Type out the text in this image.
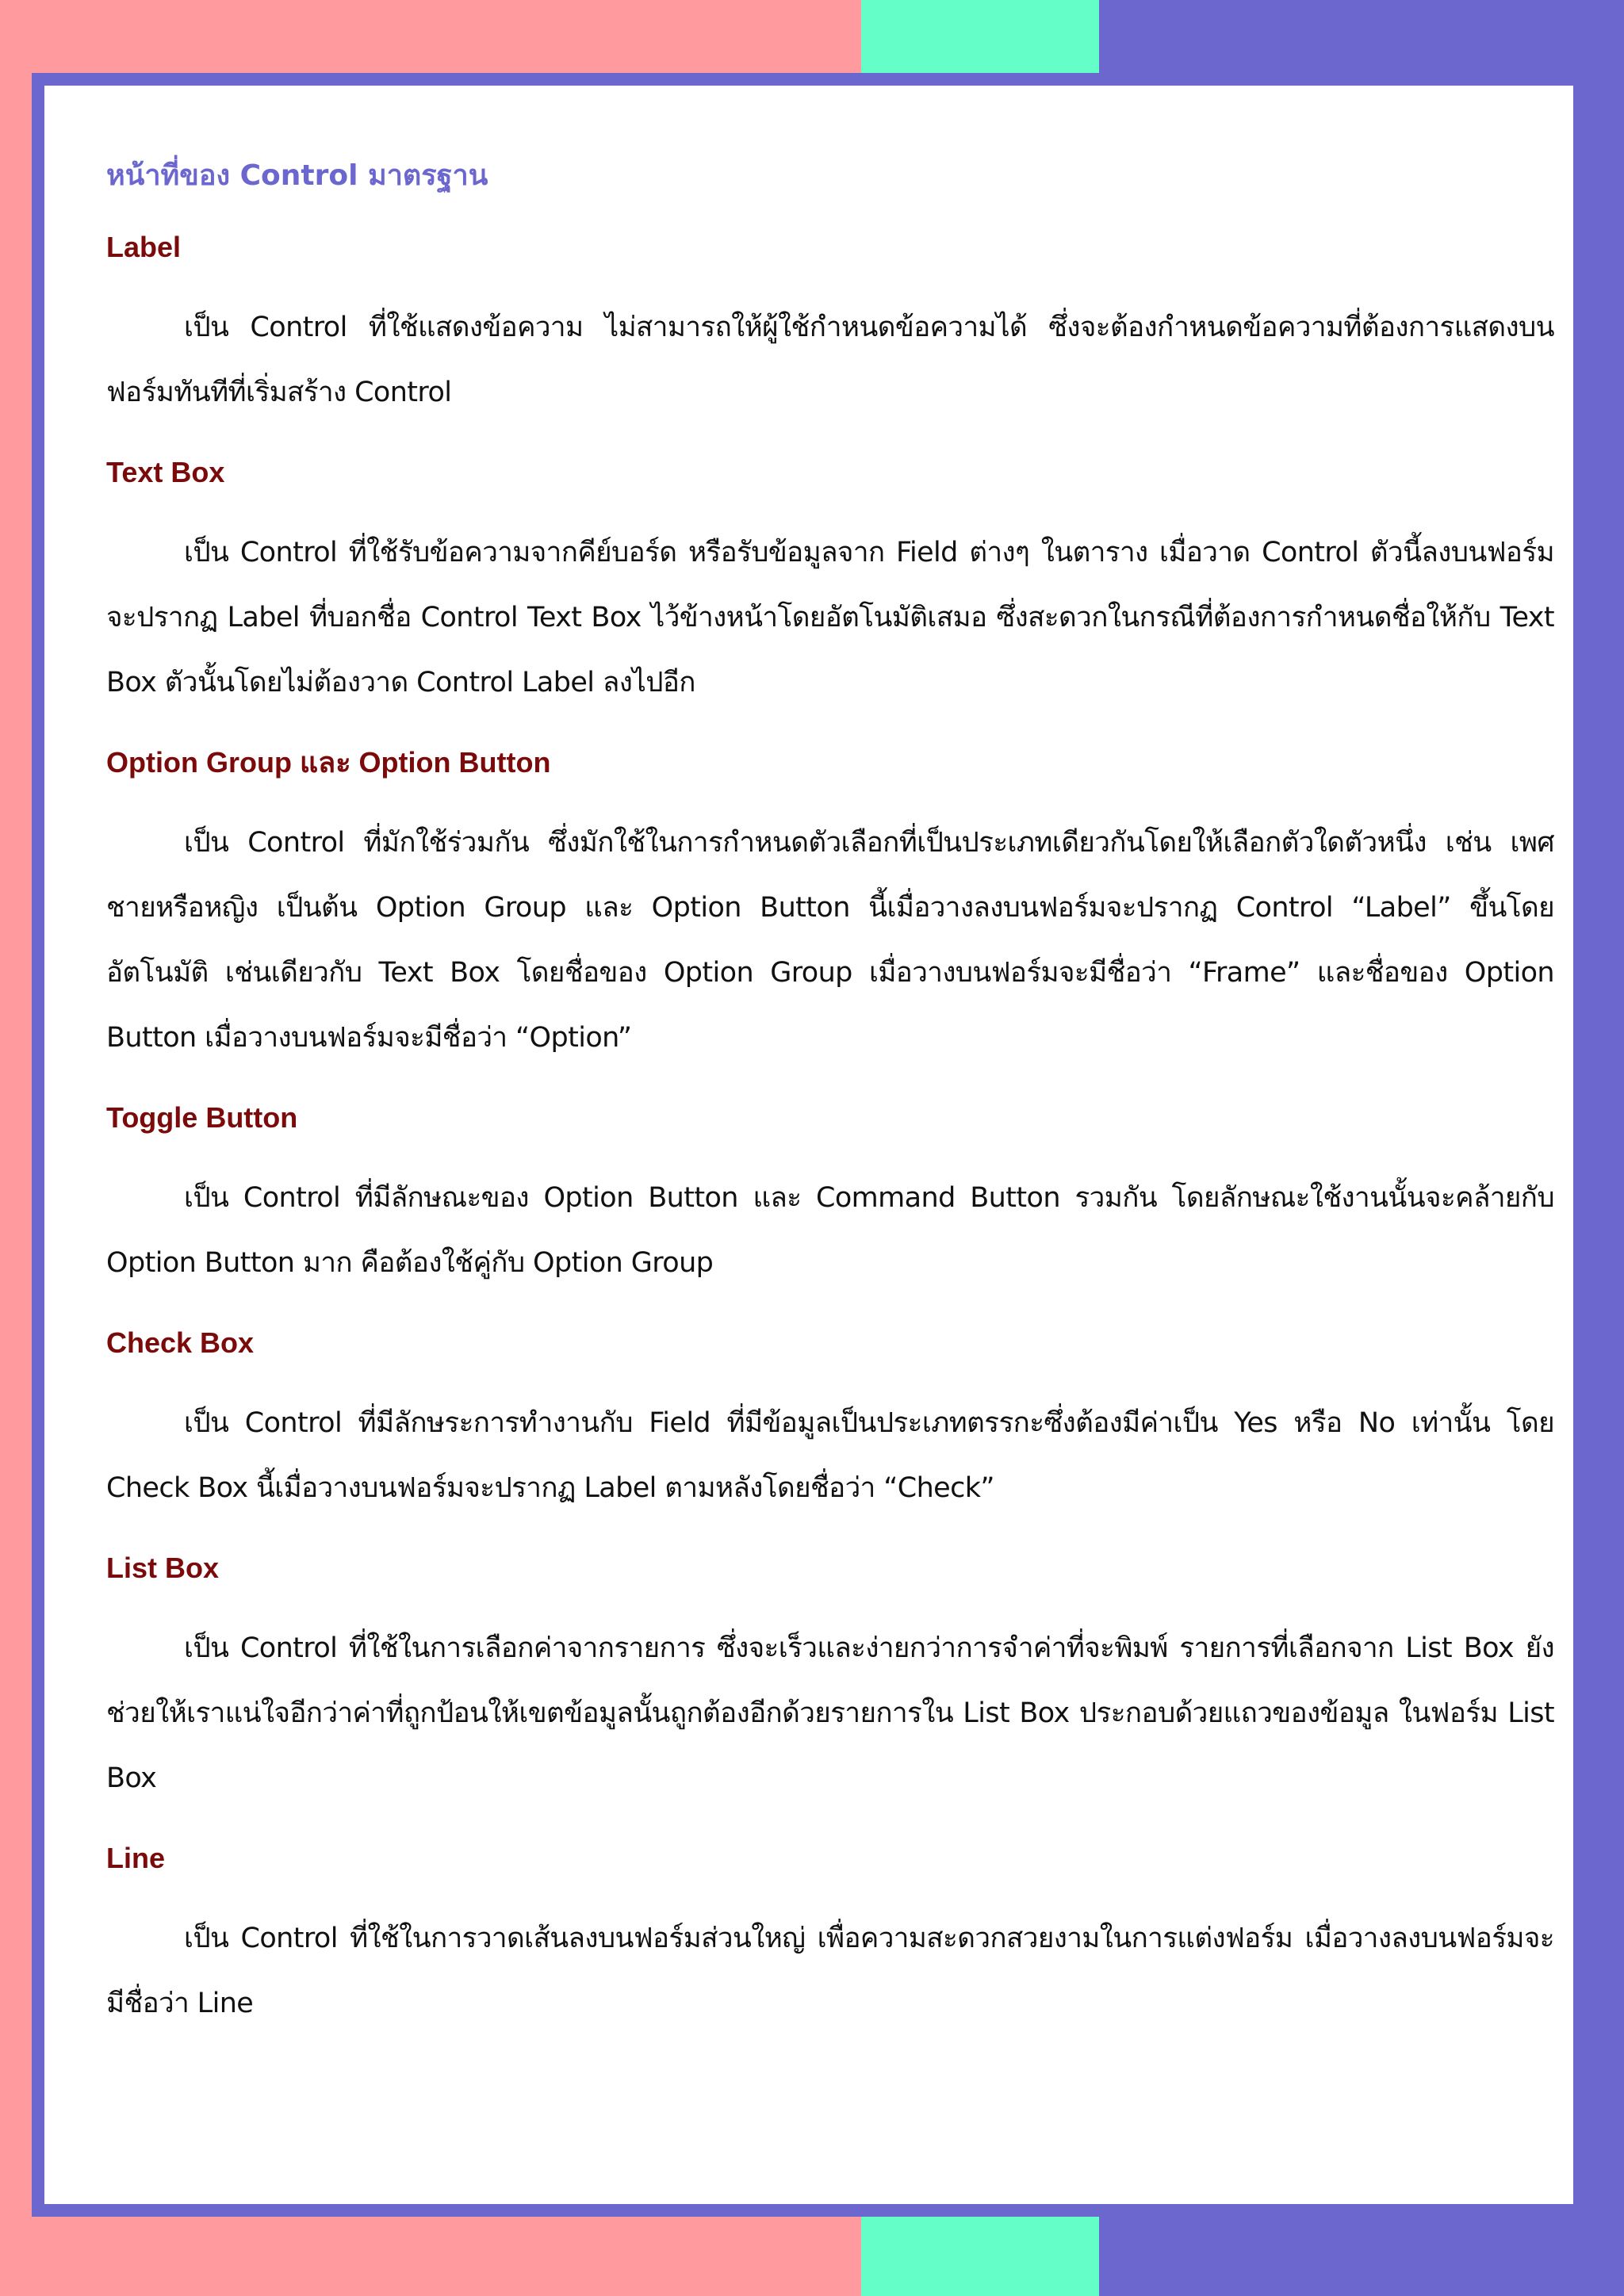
หน้าที่ของ Control มาตรฐาน
Label

เป็น Control ที่ใช้แสดงข้อความ ไม่สามารถให้ผู้ใช้กำหนดข้อความได้ ซึ่งจะต้องกำหนดข้อความที่ต้องการแสดงบนฟอร์มทันทีที่เริ่มสร้าง Control

Text Box

เป็น Control ที่ใช้รับข้อความจากคีย์บอร์ด หรือรับข้อมูลจาก Field ต่างๆ ในตาราง เมื่อวาด Control ตัวนี้ลงบนฟอร์มจะปรากฏ Label ที่บอกชื่อ Control Text Box ไว้ข้างหน้าโดยอัตโนมัติเสมอ ซึ่งสะดวกในกรณีที่ต้องการกำหนดชื่อให้กับ Text Box ตัวนั้นโดยไม่ต้องวาด Control Label ลงไปอีก

Option Group และ Option Button

เป็น Control ที่มักใช้ร่วมกัน ซึ่งมักใช้ในการกำหนดตัวเลือกที่เป็นประเภทเดียวกันโดยให้เลือกตัวใดตัวหนึ่ง เช่น เพศ ชายหรือหญิง เป็นต้น Option Group และ Option Button นี้เมื่อวางลงบนฟอร์มจะปรากฏ Control “Label” ขึ้นโดยอัตโนมัติ เช่นเดียวกับ Text Box โดยชื่อของ Option Group เมื่อวางบนฟอร์มจะมีชื่อว่า “Frame” และชื่อของ Option Button เมื่อวางบนฟอร์มจะมีชื่อว่า “Option”

Toggle Button

เป็น Control ที่มีลักษณะของ Option Button และ Command Button รวมกัน โดยลักษณะใช้งานนั้นจะคล้ายกับ Option Button มาก คือต้องใช้คู่กับ Option Group

Check Box

เป็น Control ที่มีลักษระการทำงานกับ Field ที่มีข้อมูลเป็นประเภทตรรกะซึ่งต้องมีค่าเป็น Yes หรือ No เท่านั้น โดย Check Box นี้เมื่อวางบนฟอร์มจะปรากฏ Label ตามหลังโดยชื่อว่า “Check”

List Box

เป็น Control ที่ใช้ในการเลือกค่าจากรายการ ซึ่งจะเร็วและง่ายกว่าการจำค่าที่จะพิมพ์ รายการที่เลือกจาก List Box ยังช่วยให้เราแน่ใจอีกว่าค่าที่ถูกป้อนให้เขตข้อมูลนั้นถูกต้องอีกด้วยรายการใน List Box ประกอบด้วยแถวของข้อมูล ในฟอร์ม List Box

Line

เป็น Control ที่ใช้ในการวาดเส้นลงบนฟอร์มส่วนใหญ่ เพื่อความสะดวกสวยงามในการแต่งฟอร์ม เมื่อวางลงบนฟอร์มจะมีชื่อว่า Line
